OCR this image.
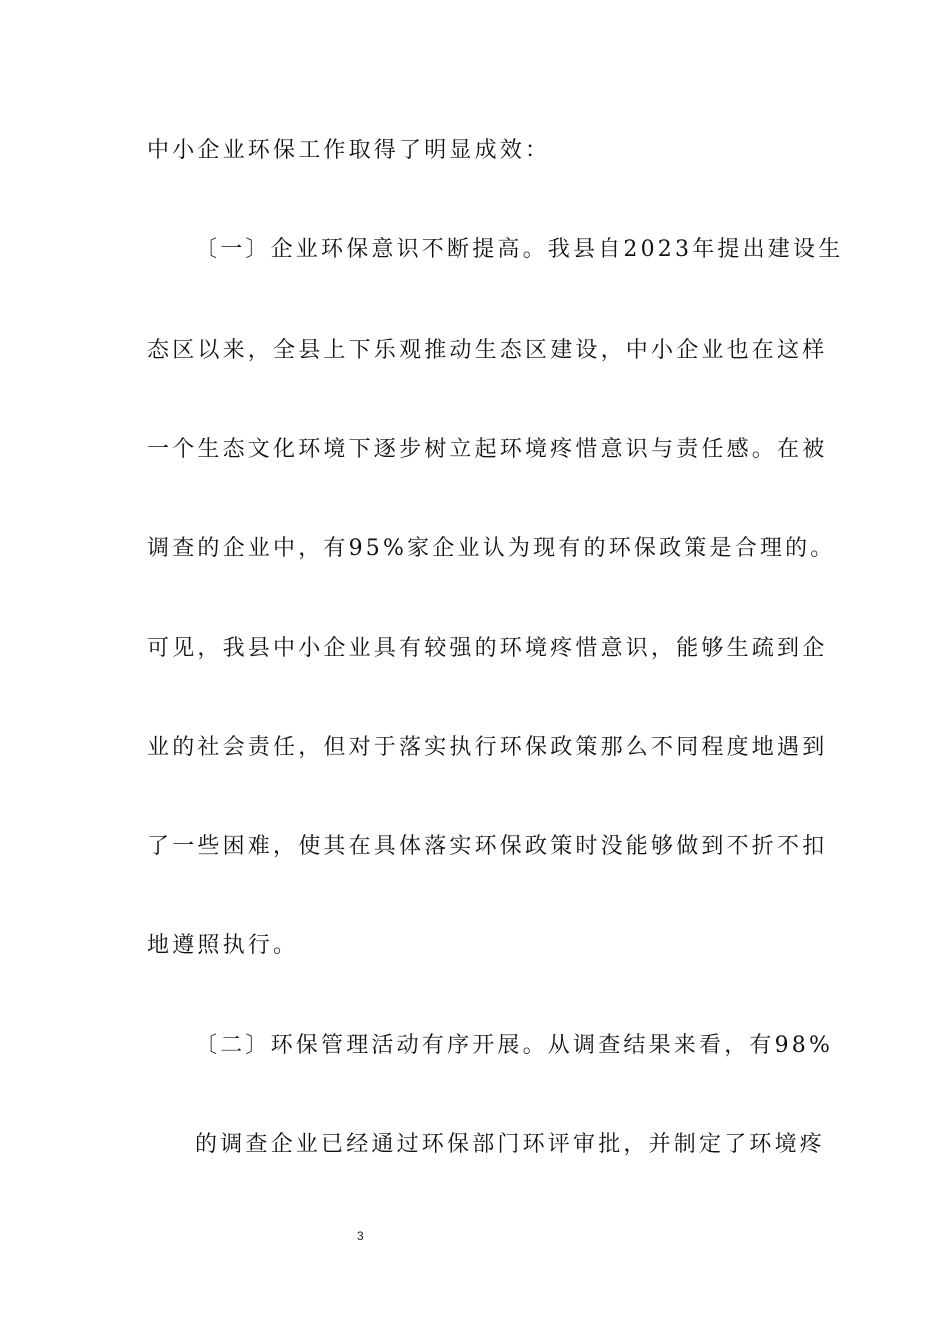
中小企业环保工作取得了明显成效：
〔一〕企业环保意识不断提高。我县自2023年提出建设生
态区以来，全县上下乐观推动生态区建设，中小企业也在这样
一个生态文化环境下逐步树立起环境疼惜意识与责任感。在被
调查的企业中，有95%家企业认为现有的环保政策是合理的。
可见，我县中小企业具有较强的环境疼惜意识，能够生疏到企
业的社会责任，但对于落实执行环保政策那么不同程度地遇到
了一些困难，使其在具体落实环保政策时没能够做到不折不扣
地遵照执行。
〔二〕环保管理活动有序开展。从调查结果来看，有98%
的调查企业已经通过环保部门环评审批，并制定了环境疼
3
